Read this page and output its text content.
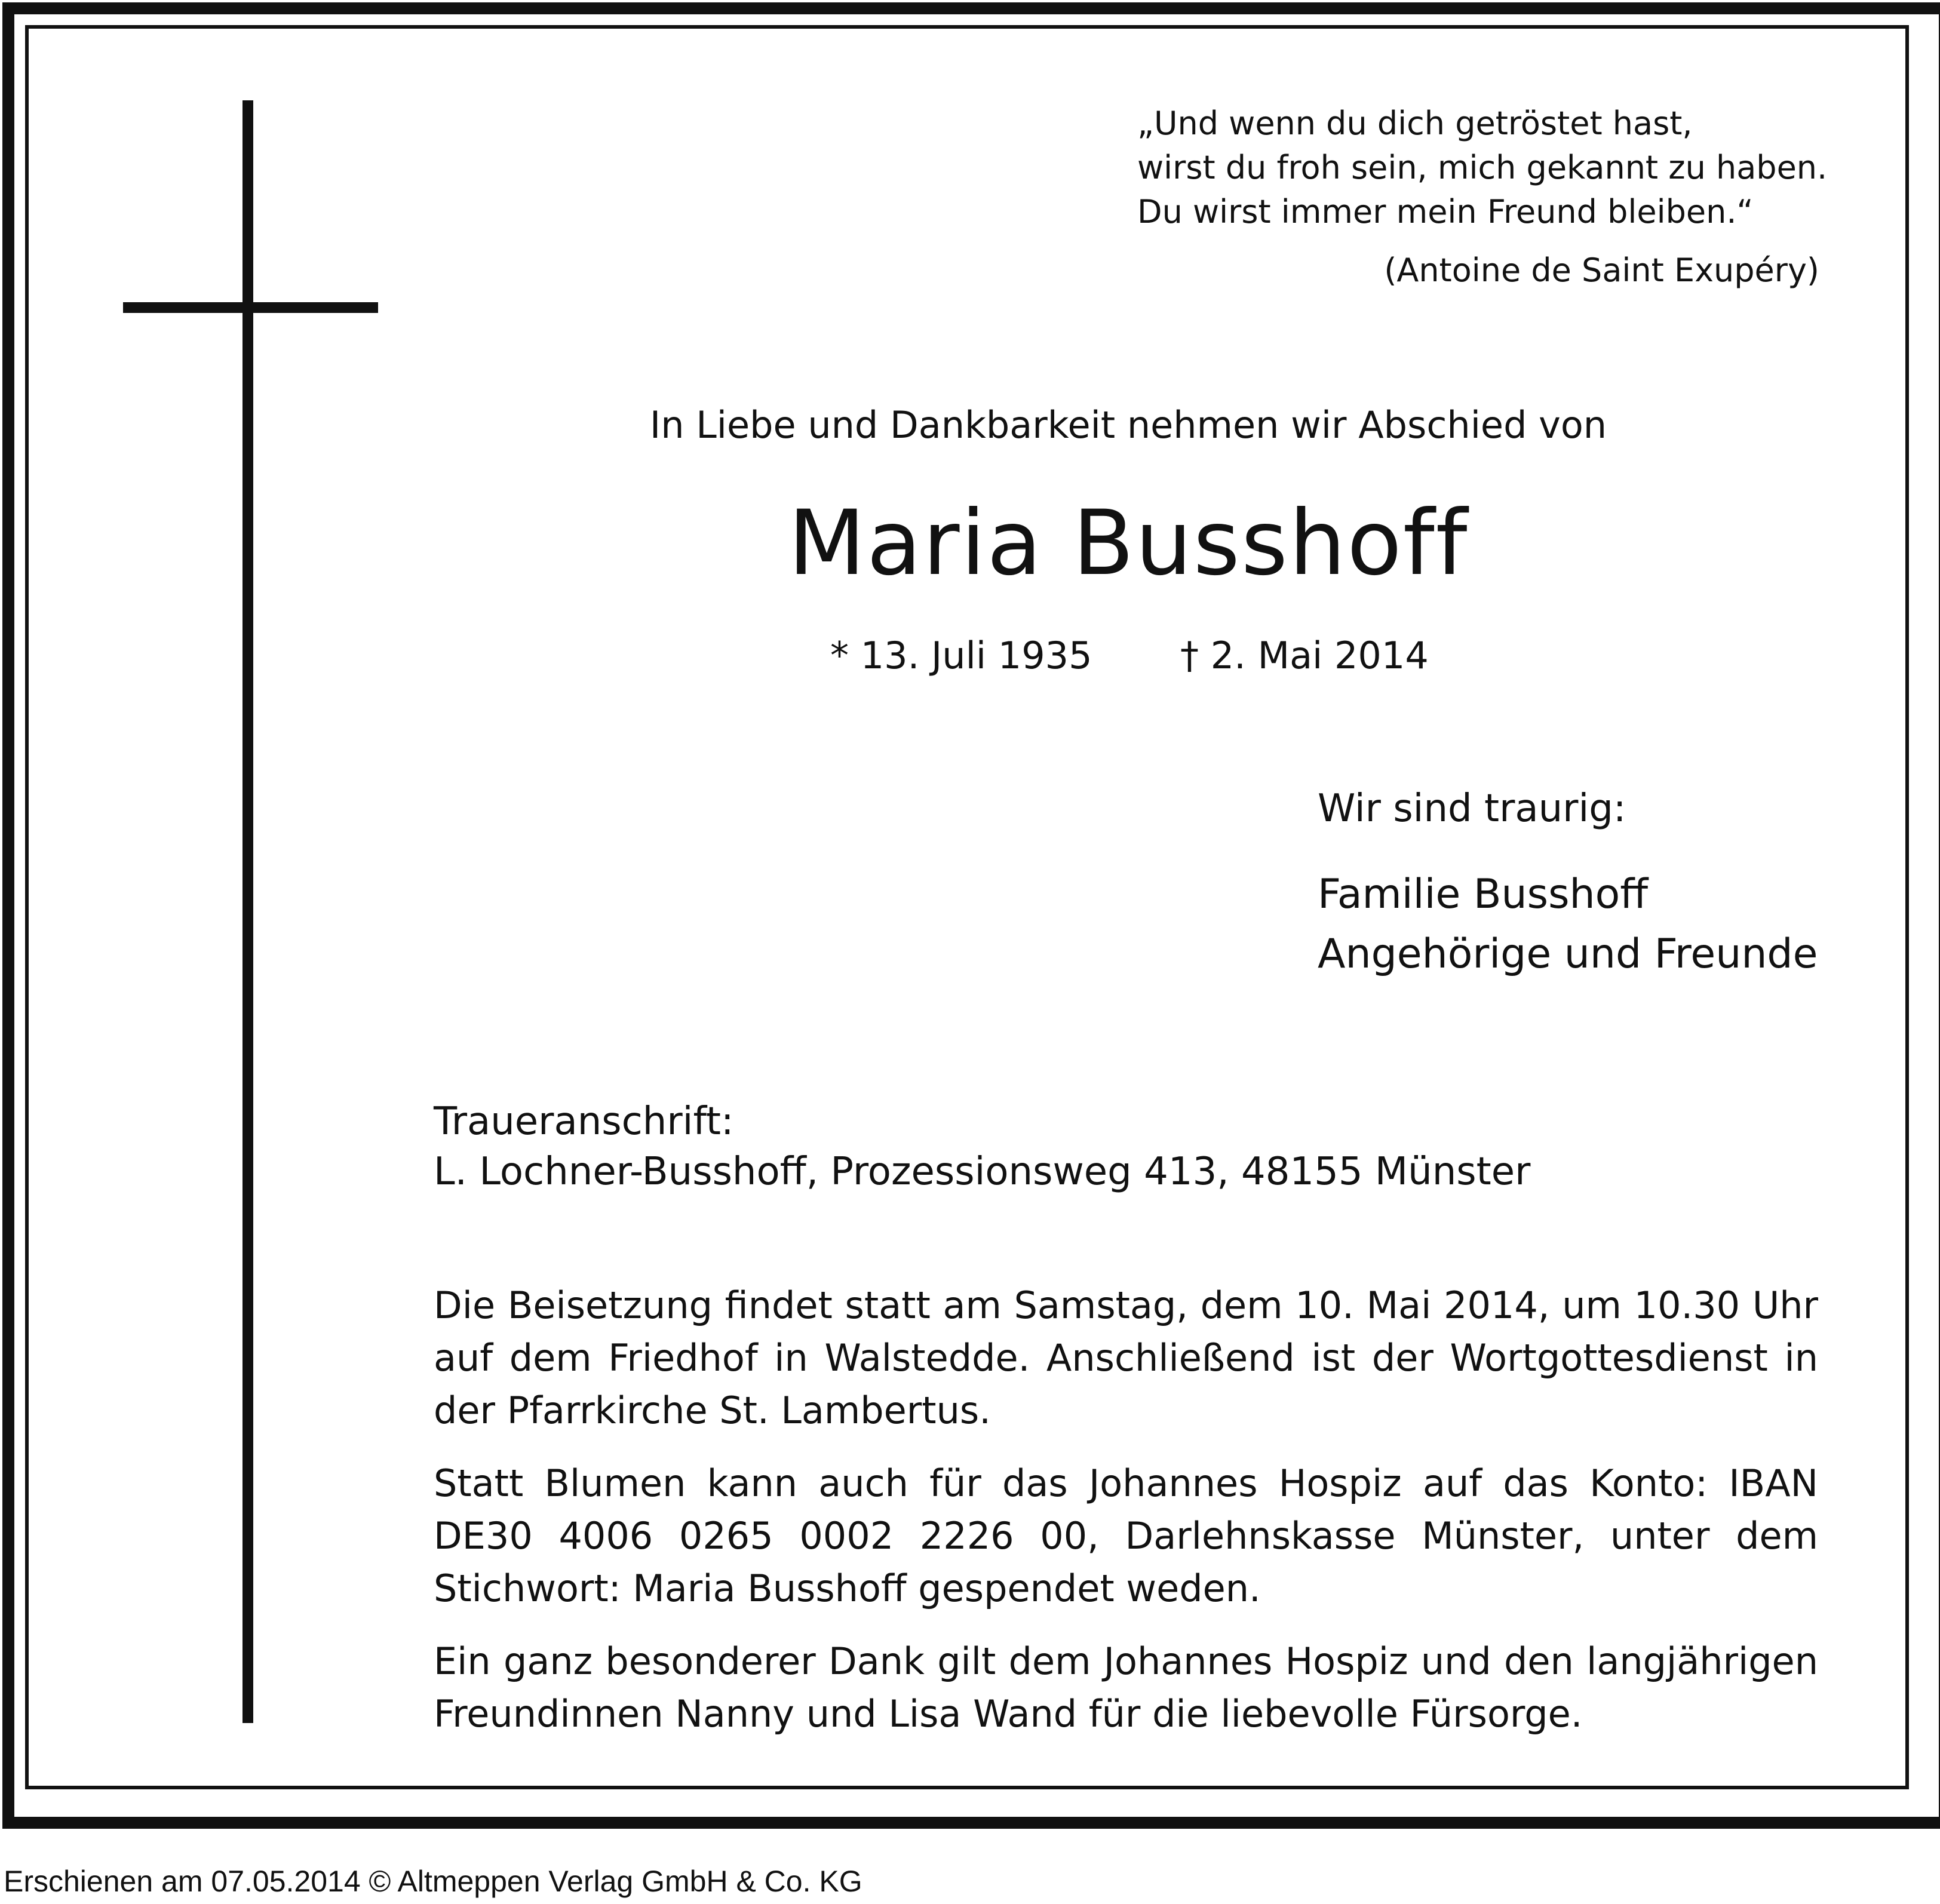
„Und wenn du dich getröstet hast,
wirst du froh sein, mich gekannt zu haben.
Du wirst immer mein Freund bleiben.“
(Antoine de Saint Exupéry)
In Liebe und Dankbarkeit nehmen wir Abschied von
Maria Busshoff
* 13. Juli 1935 † 2. Mai 2014
Wir sind traurig:
Familie Busshoff
Angehörige und Freunde
Traueranschrift:
L. Lochner-Busshoff, Prozessionsweg 413, 48155 Münster
Die Beisetzung findet statt am Samstag, dem 10. Mai 2014, um 10.30 Uhr auf dem Friedhof in Walstedde. Anschließend ist der Wortgottesdienst in der Pfarrkirche St. Lambertus.
Statt Blumen kann auch für das Johannes Hospiz auf das Konto: IBAN DE30 4006 0265 0002 2226 00, Darlehnskasse Münster, unter dem Stichwort: Maria Busshoff gespendet weden.
Ein ganz besonderer Dank gilt dem Johannes Hospiz und den langjährigen Freundinnen Nanny und Lisa Wand für die liebevolle Fürsorge.
Erschienen am 07.05.2014 © Altmeppen Verlag GmbH & Co. KG
